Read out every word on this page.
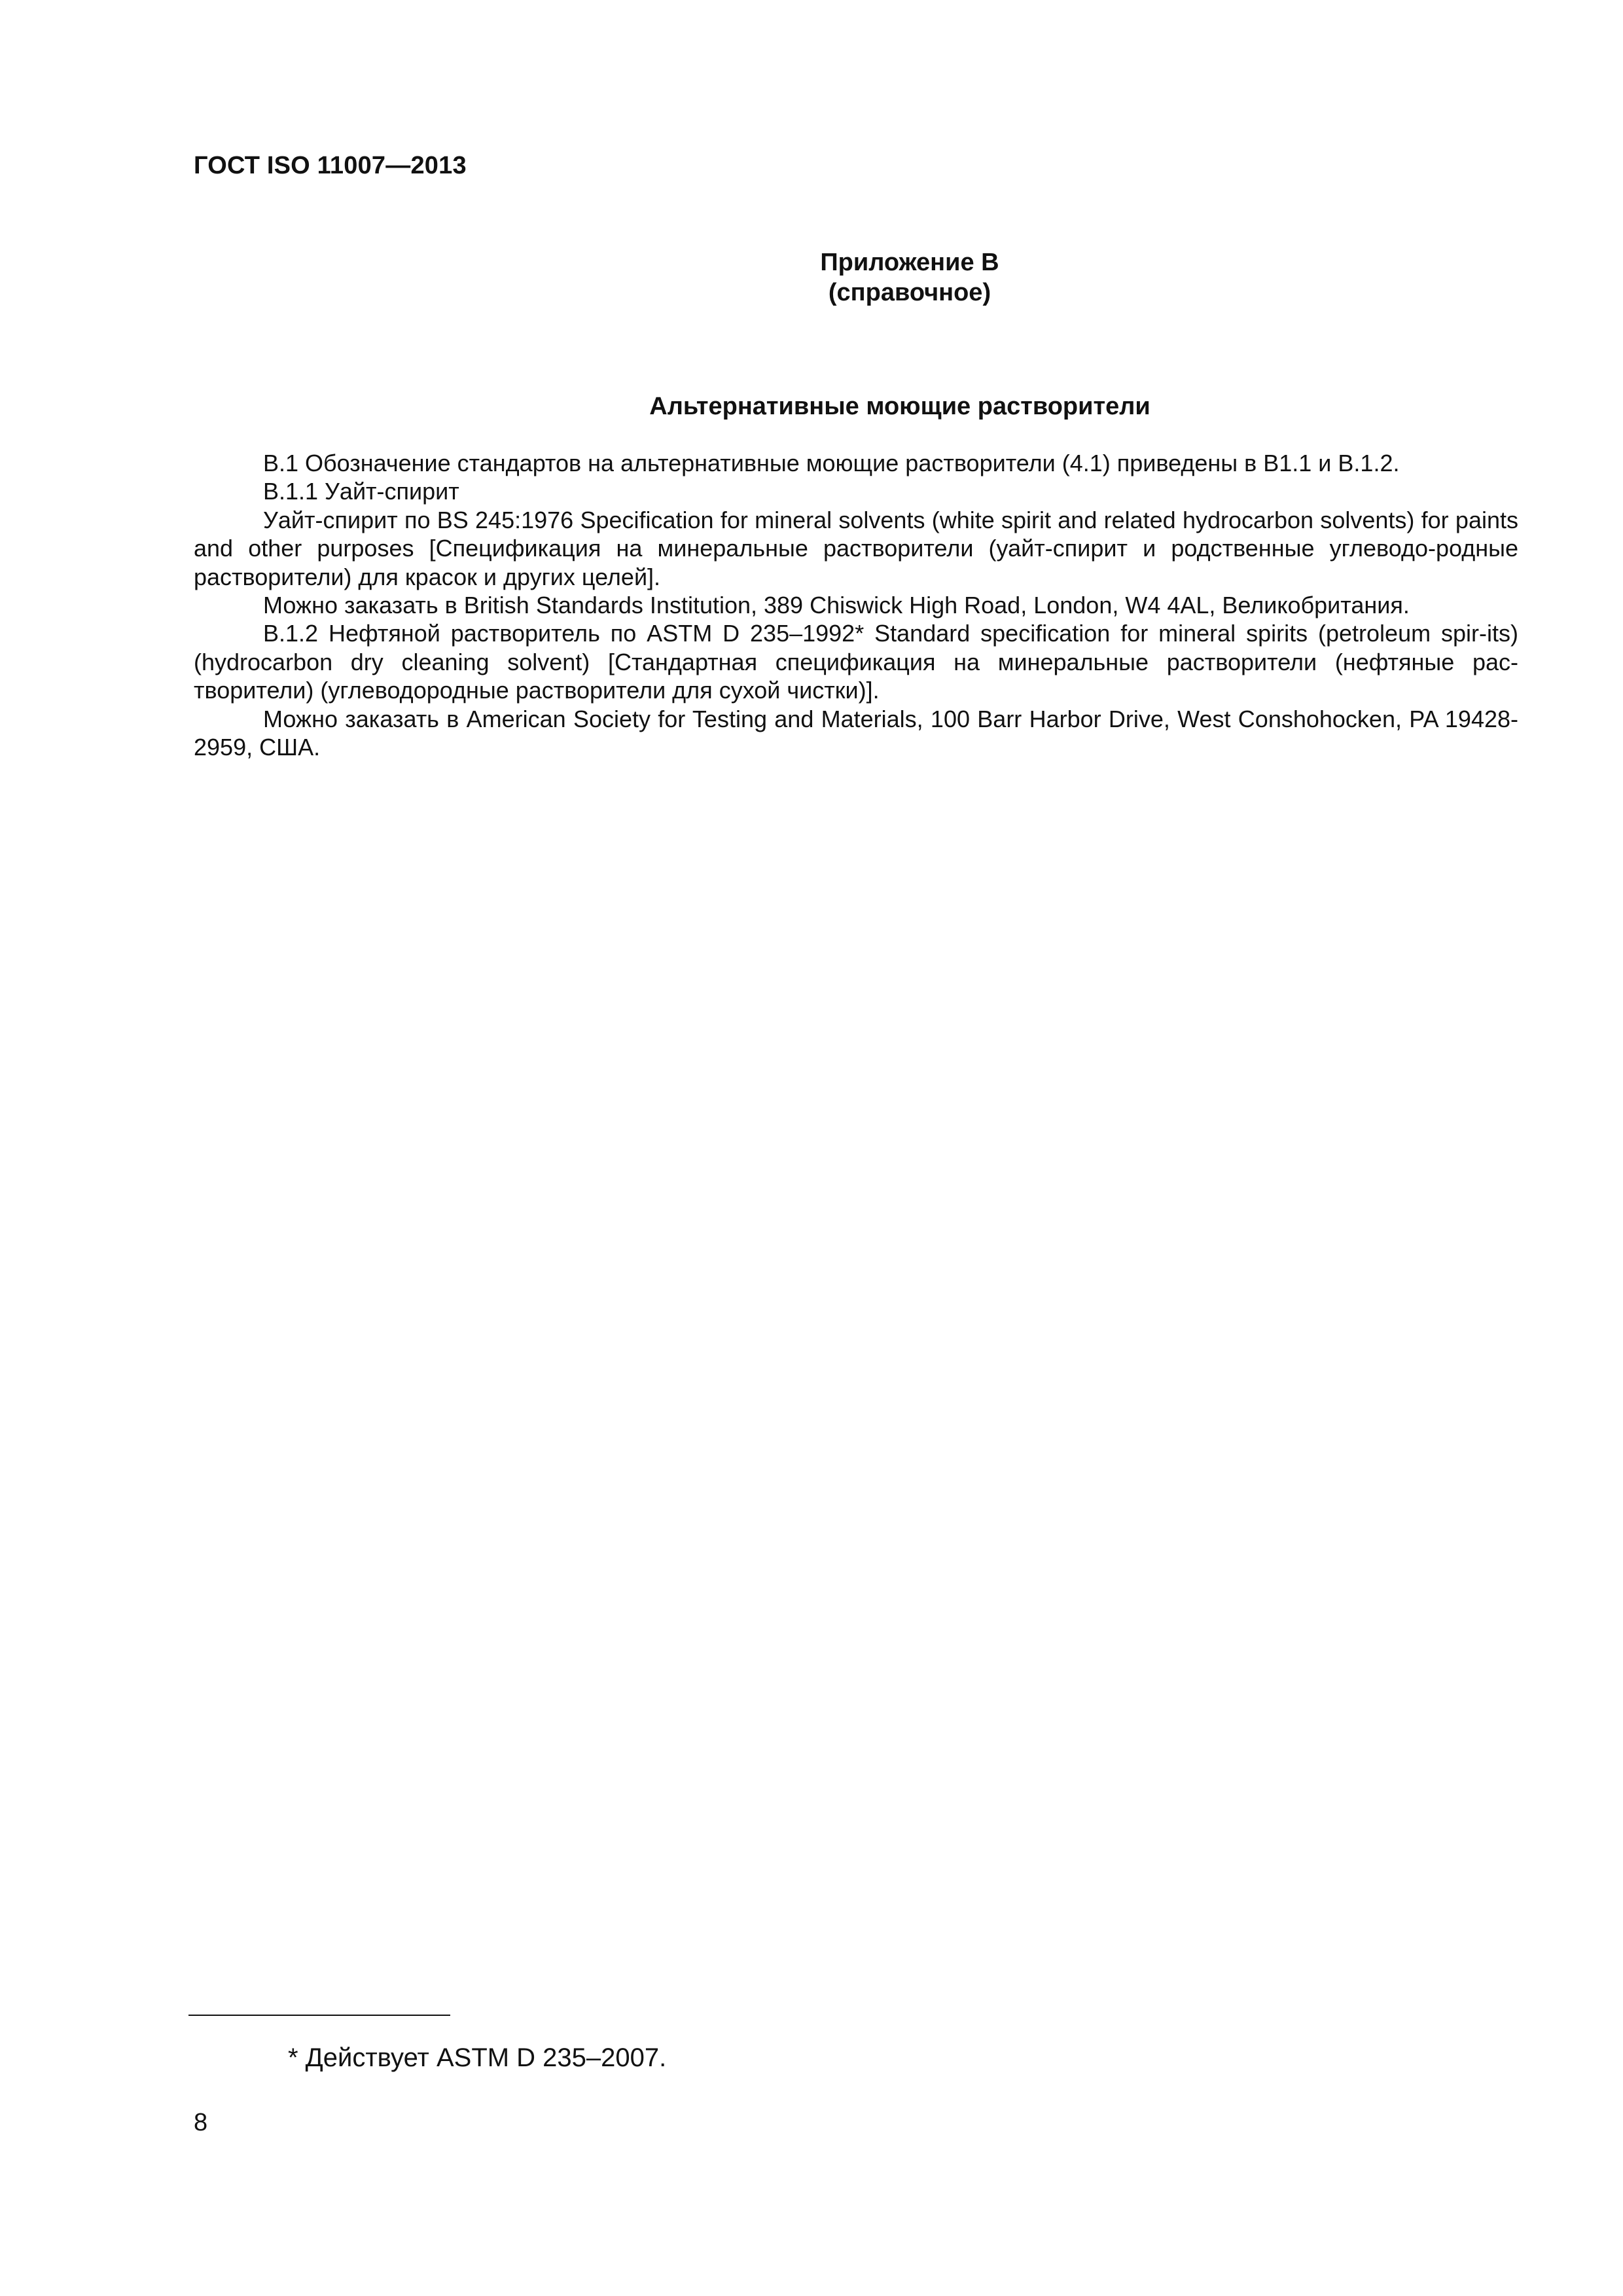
ГОСТ ISO 11007—2013
Приложение В
(справочное)
Альтернативные моющие растворители

В.1 Обозначение стандартов на альтернативные моющие растворители (4.1) приведены в В1.1 и В.1.2.

В.1.1 Уайт-спирит

Уайт-спирит по BS 245:1976 Specification for mineral solvents (white spirit and related hydrocarbon solvents) for paints and other purposes [Спецификация на минеральные растворители (уайт-спирит и родственные углеводо-родные растворители) для красок и других целей].

Можно заказать в British Standards Institution, 389 Chiswick High Road, London, W4 4AL, Великобритания.

В.1.2 Нефтяной растворитель по ASTM D 235–1992* Standard specification for mineral spirits (petroleum spir-its) (hydrocarbon dry cleaning solvent) [Стандартная спецификация на минеральные растворители (нефтяные рас-творители) (углеводородные растворители для сухой чистки)].

Можно заказать в American Society for Testing and Materials, 100 Barr Harbor Drive, West Conshohocken, PA 19428-2959, США.

* Действует ASTM D 235–2007.
8
